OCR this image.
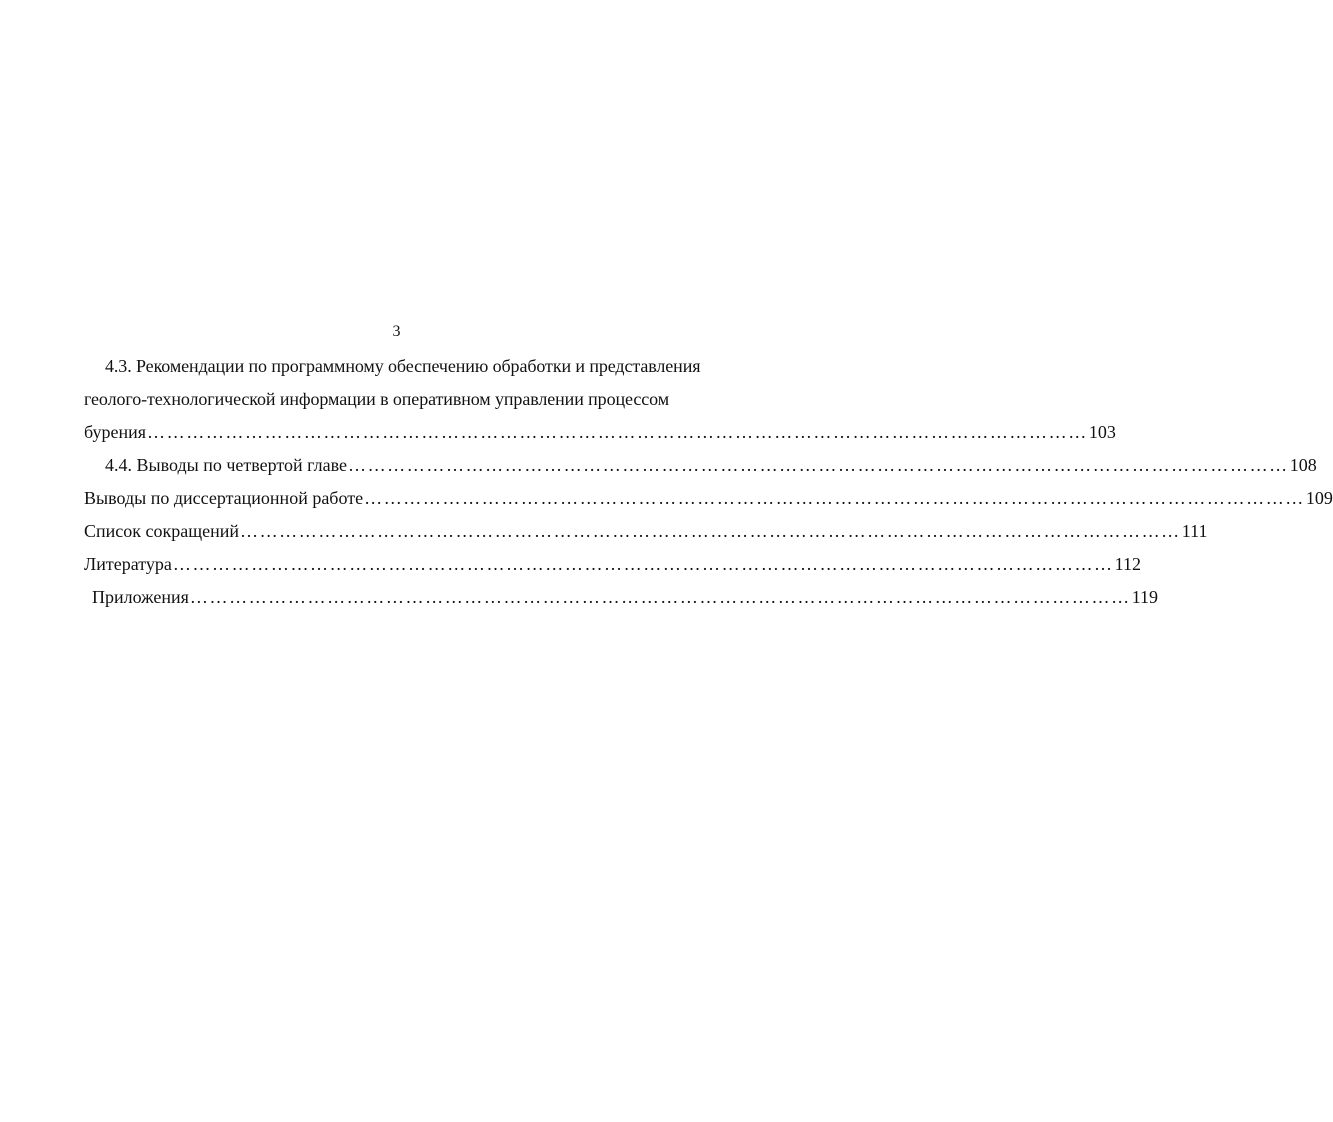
3
4.3. Рекомендации по программному обеспечению обработки и представления
геолого-технологической информации в оперативном управлении процессом
бурения ……………………………………………………………………………………………………………………………… 103
4.4. Выводы по четвертой главе ……………………………………………………………………………………………………………………………… 108
Выводы по диссертационной работе ……………………………………………………………………………………………………………………………… 109
Список сокращений ……………………………………………………………………………………………………………………………… 111
Литература ……………………………………………………………………………………………………………………………… 112
Приложения ……………………………………………………………………………………………………………………………… 119
